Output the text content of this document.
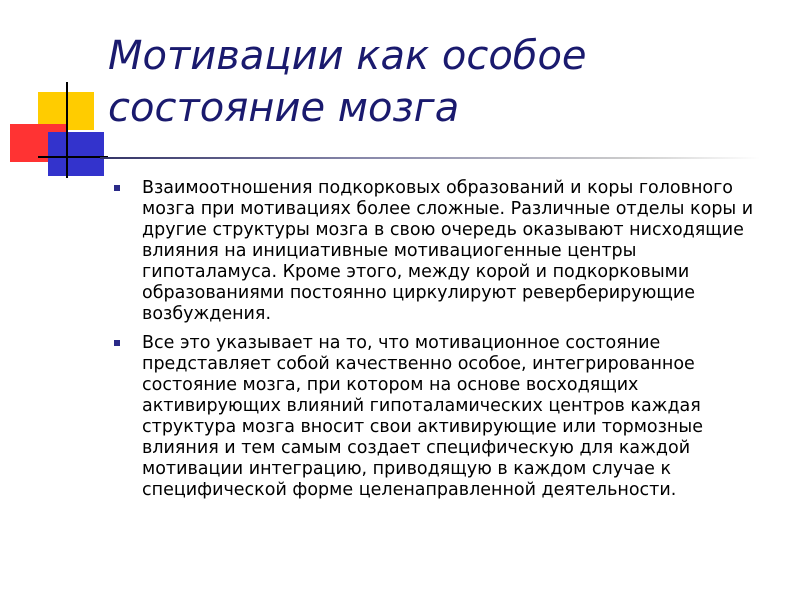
Мотивации как особое состояние мозга
Взаимоотношения подкорковых образований и коры головного мозга при мотивациях более сложные. Различные отделы коры и другие структуры мозга в свою очередь оказывают нисходящие влияния на инициативные мотивациогенные центры гипоталамуса. Кроме этого, между корой и подкорковыми образованиями постоянно циркулируют реверберирующие возбуждения.
Все это указывает на то, что мотивационное состояние представляет собой качественно особое, интегрированное состояние мозга, при котором на основе восходящих активирующих влияний гипоталамических центров каждая структура мозга вносит свои активирующие или тормозные влияния и тем самым создает специфическую для каждой мотивации интеграцию, приводящую в каждом случае к специфической форме целенаправленной деятельности.
